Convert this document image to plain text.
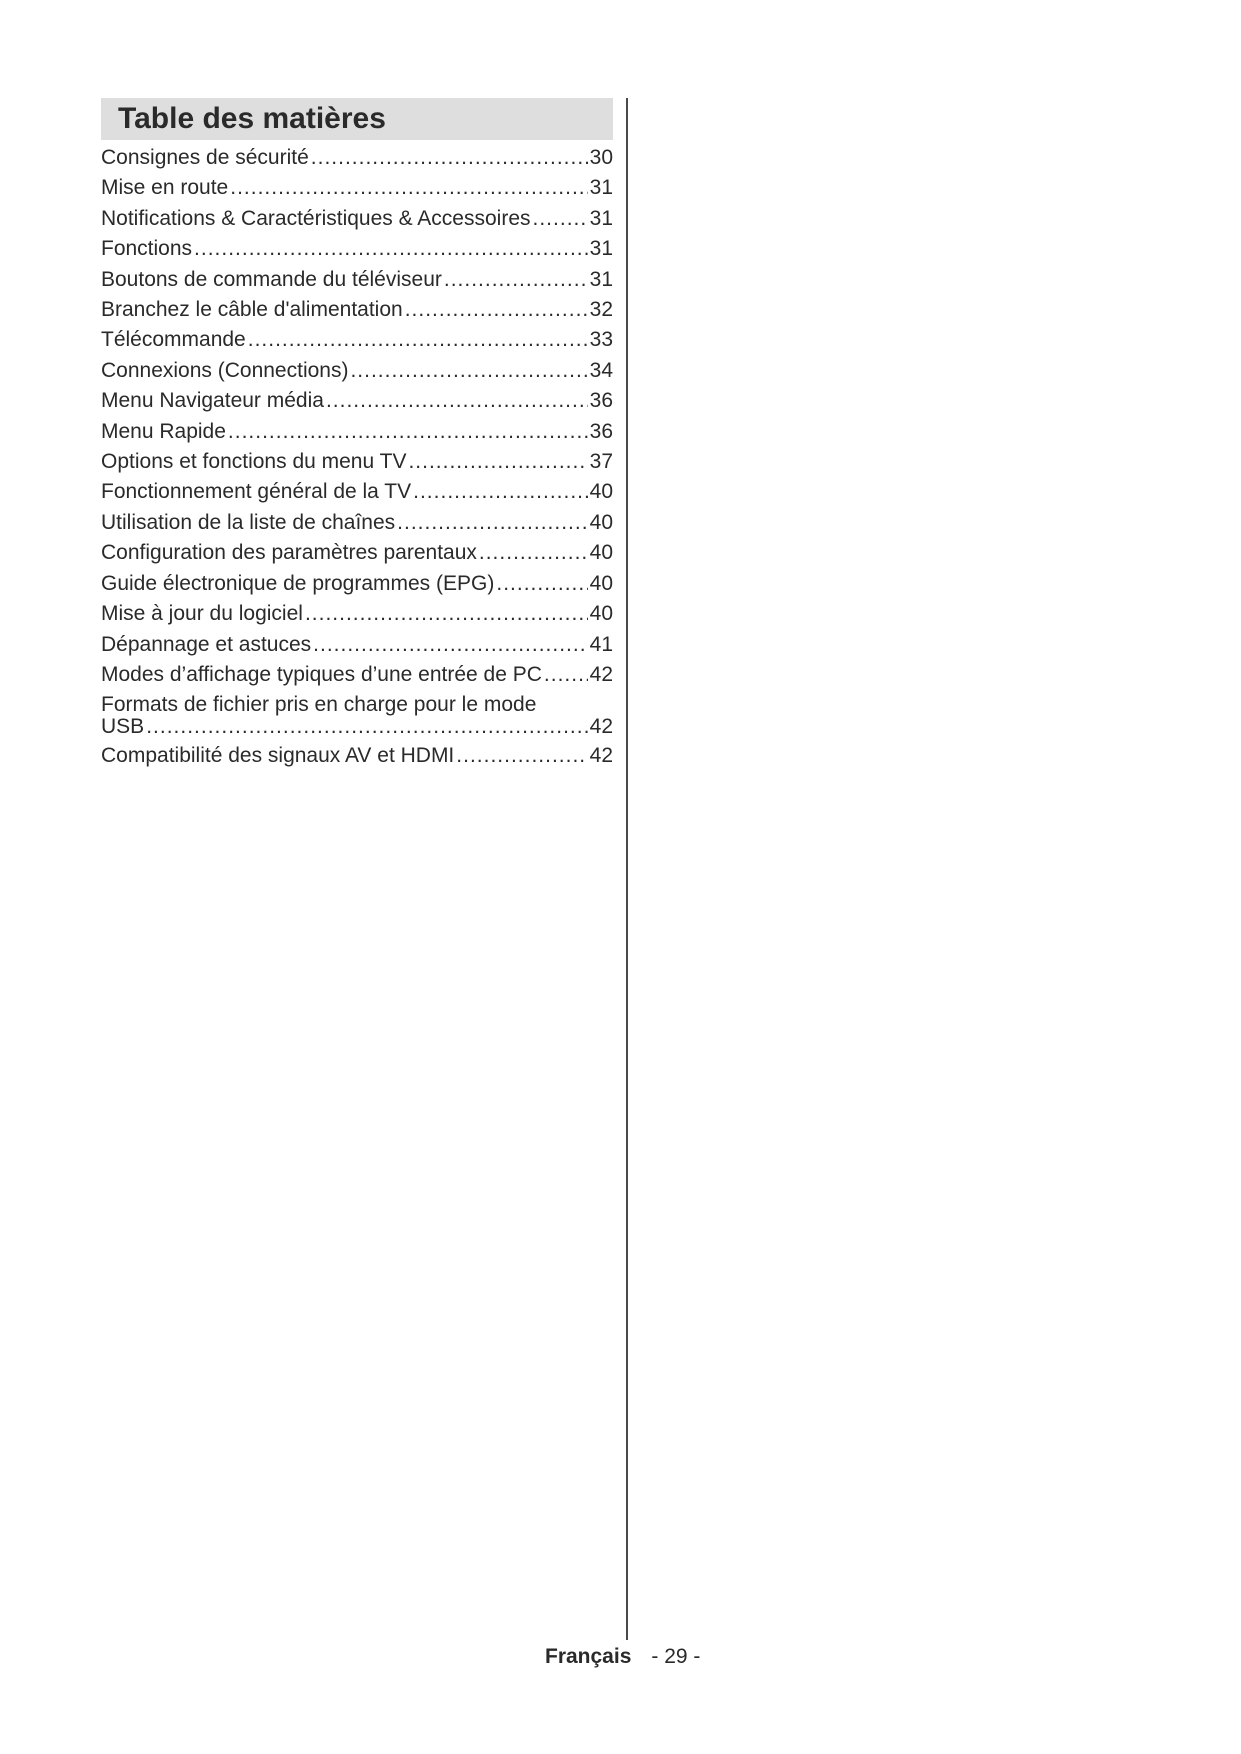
Table des matières
Consignes de sécurité .....	30
Mise en route .....	31
Notifications & Caractéristiques & Accessoires .....	31
Fonctions .....	31
Boutons de commande du téléviseur .....	31
Branchez le câble d'alimentation .....	32
Télécommande .....	33
Connexions (Connections) .....	34
Menu Navigateur média .....	36
Menu Rapide .....	36
Options et fonctions du menu TV .....	37
Fonctionnement général de la TV .....	40
Utilisation de la liste de chaînes .....	40
Configuration des paramètres parentaux .....	40
Guide électronique de programmes (EPG) .....	40
Mise à jour du logiciel .....	40
Dépannage et astuces .....	41
Modes d’affichage typiques d’une entrée de PC ..... 42
Formats de fichier pris en charge pour le mode
USB .....	42
Compatibilité des signaux AV et HDMI .....	42
Français - 29 -
